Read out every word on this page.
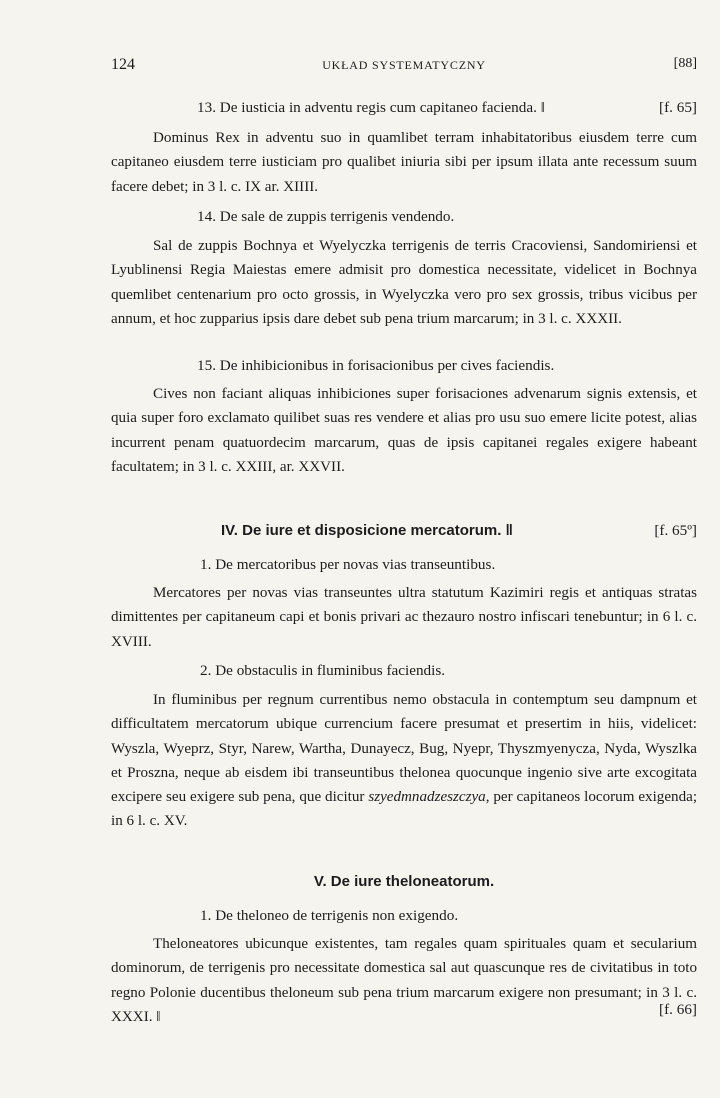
124	UKŁAD SYSTEMATYCZNY	[88]
13. De iusticia in adventu regis cum capitaneo facienda. ‖	[f. 65]
Dominus Rex in adventu suo in quamlibet terram inhabitatoribus eiusdem terre cum capitaneo eiusdem terre iusticiam pro qualibet iniuria sibi per ipsum illata ante recessum suum facere debet; in 3 l. c. IX ar. XIIII.
14. De sale de zuppis terrigenis vendendo.
Sal de zuppis Bochnya et Wyelyczka terrigenis de terris Cracoviensi, Sandomiriensi et Lyublinensi Regia Maiestas emere admisit pro domestica necessitate, videlicet in Bochnya quemlibet centenarium pro octo grossis, in Wyelyczka vero pro sex grossis, tribus vicibus per annum, et hoc zupparius ipsis dare debet sub pena trium marcarum; in 3 l. c. XXXII.
15. De inhibicionibus in forisacionibus per cives faciendis.
Cives non faciant aliquas inhibiciones super forisaciones advenarum signis extensis, et quia super foro exclamato quilibet suas res vendere et alias pro usu suo emere licite potest, alias incurrent penam quatuordecim marcarum, quas de ipsis capitanei regales exigere habeant facultatem; in 3 l. c. XXIII, ar. XXVII.
IV. De iure et disposicione mercatorum. ‖	[f. 65º]
1. De mercatoribus per novas vias transeuntibus.
Mercatores per novas vias transeuntes ultra statutum Kazimiri regis et antiquas stratas dimittentes per capitaneum capi et bonis privari ac thezauro nostro infiscari tenebuntur; in 6 l. c. XVIII.
2. De obstaculis in fluminibus faciendis.
In fluminibus per regnum currentibus nemo obstacula in contemptum seu dampnum et difficultatem mercatorum ubique currencium facere presumat et presertim in hiis, videlicet: Wyszla, Wyeprz, Styr, Narew, Wartha, Dunayecz, Bug, Nyepr, Thyszmyenycza, Nyda, Wyszlka et Proszna, neque ab eisdem ibi transeuntibus thelonea quocunque ingenio sive arte excogitata excipere seu exigere sub pena, que dicitur szyedmnadzeszczya, per capitaneos locorum exigenda; in 6 l. c. XV.
V. De iure theloneatorum.
1. De theloneo de terrigenis non exigendo.
Theloneatores ubicunque existentes, tam regales quam spirituales quam et secularium dominorum, de terrigenis pro necessitate domestica sal aut quascunque res de civitatibus in toto regno Polonie ducentibus theloneum sub pena trium marcarum exigere non presumant; in 3 l. c. XXXI. ‖	[f. 66]
